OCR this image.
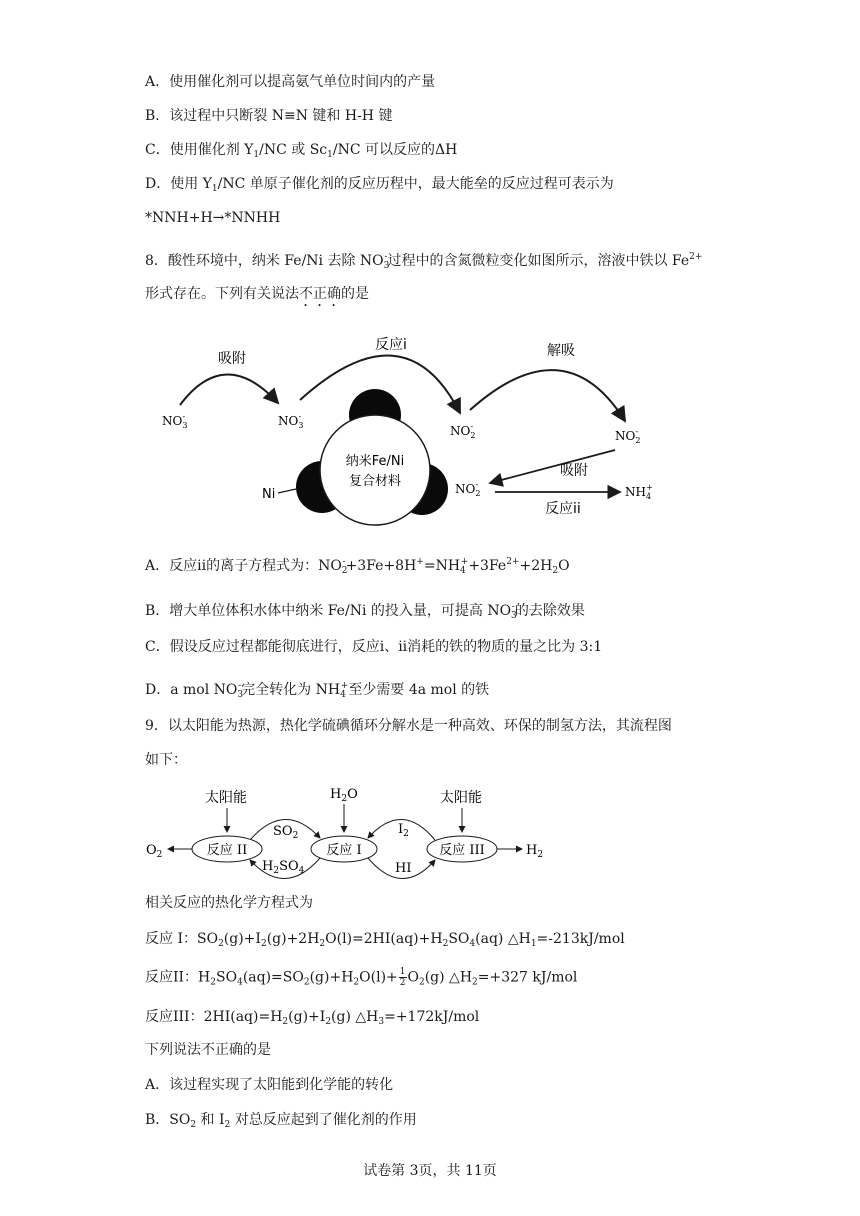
A．使用催化剂可以提高氨气单位时间内的产量
B．该过程中只断裂 N≡N 键和 H-H 键
C．使用催化剂 $Y_1/NC$ 或 $Sc_1/NC$ 可以反应的ΔH
D．使用 $Y_1/NC$ 单原子催化剂的反应历程中，最大能垒的反应过程可表示为
*NNH+H→*NNHH
8．酸性环境中，纳米 Fe/Ni 去除 $NO_3^-$过程中的含氮微粒变化如图所示，溶液中铁以 $Fe^{2+}$
形式存在。下列有关说法不正确的是
吸附
反应i	解吸
吸附
反应ii
纳米Fe/Ni
复合材料
Ni
$NO_3-$	$NO_3-$
$NO_2-$
$NO_2-$
$NO_2-$
$NH_4+$
A．反应ii的离子方程式为：$NO_2^-+3Fe+8H^+=NH_4^++3Fe^{2+}+2H_2O$
B．增大单位体积水体中纳米 Fe/Ni 的投入量，可提高 $NO_3^-$的去除效果
C．假设反应过程都能彻底进行，反应i、ii消耗的铁的物质的量之比为 3:1
D．a mol $NO_3^-$完全转化为 $NH_4^+$至少需要 4a mol 的铁
9．以太阳能为热源，热化学硫碘循环分解水是一种高效、环保的制氢方法，其流程图
如下：
太阳能	太阳能
$H_2O$
反应 II	反应 I	反应 III
$O_2$	$H_2$
$SO_2$
$H_2SO_4$
$I_2$
HI
相关反应的热化学方程式为
反应 I：$SO_2(g)+I_2(g)+2H_2O(l)=2HI(aq)+H_2SO_4(aq)$ $\triangle H_1=-213kJ$/mol
反应II：$H_2SO_4(aq)=SO_2(g)+H_2O(l)+ \frac{1}{2} O_2(g)$ $\triangle H_2=+327$ kJ/mol
反应III：$2HI(aq)=H_2(g)+I_2(g)$ $\triangle H_3=+172kJ$/mol
下列说法不正确的是
A．该过程实现了太阳能到化学能的转化
B．$SO_2$ 和 $I_2$ 对总反应起到了催化剂的作用
试卷第 3页，共 11页
